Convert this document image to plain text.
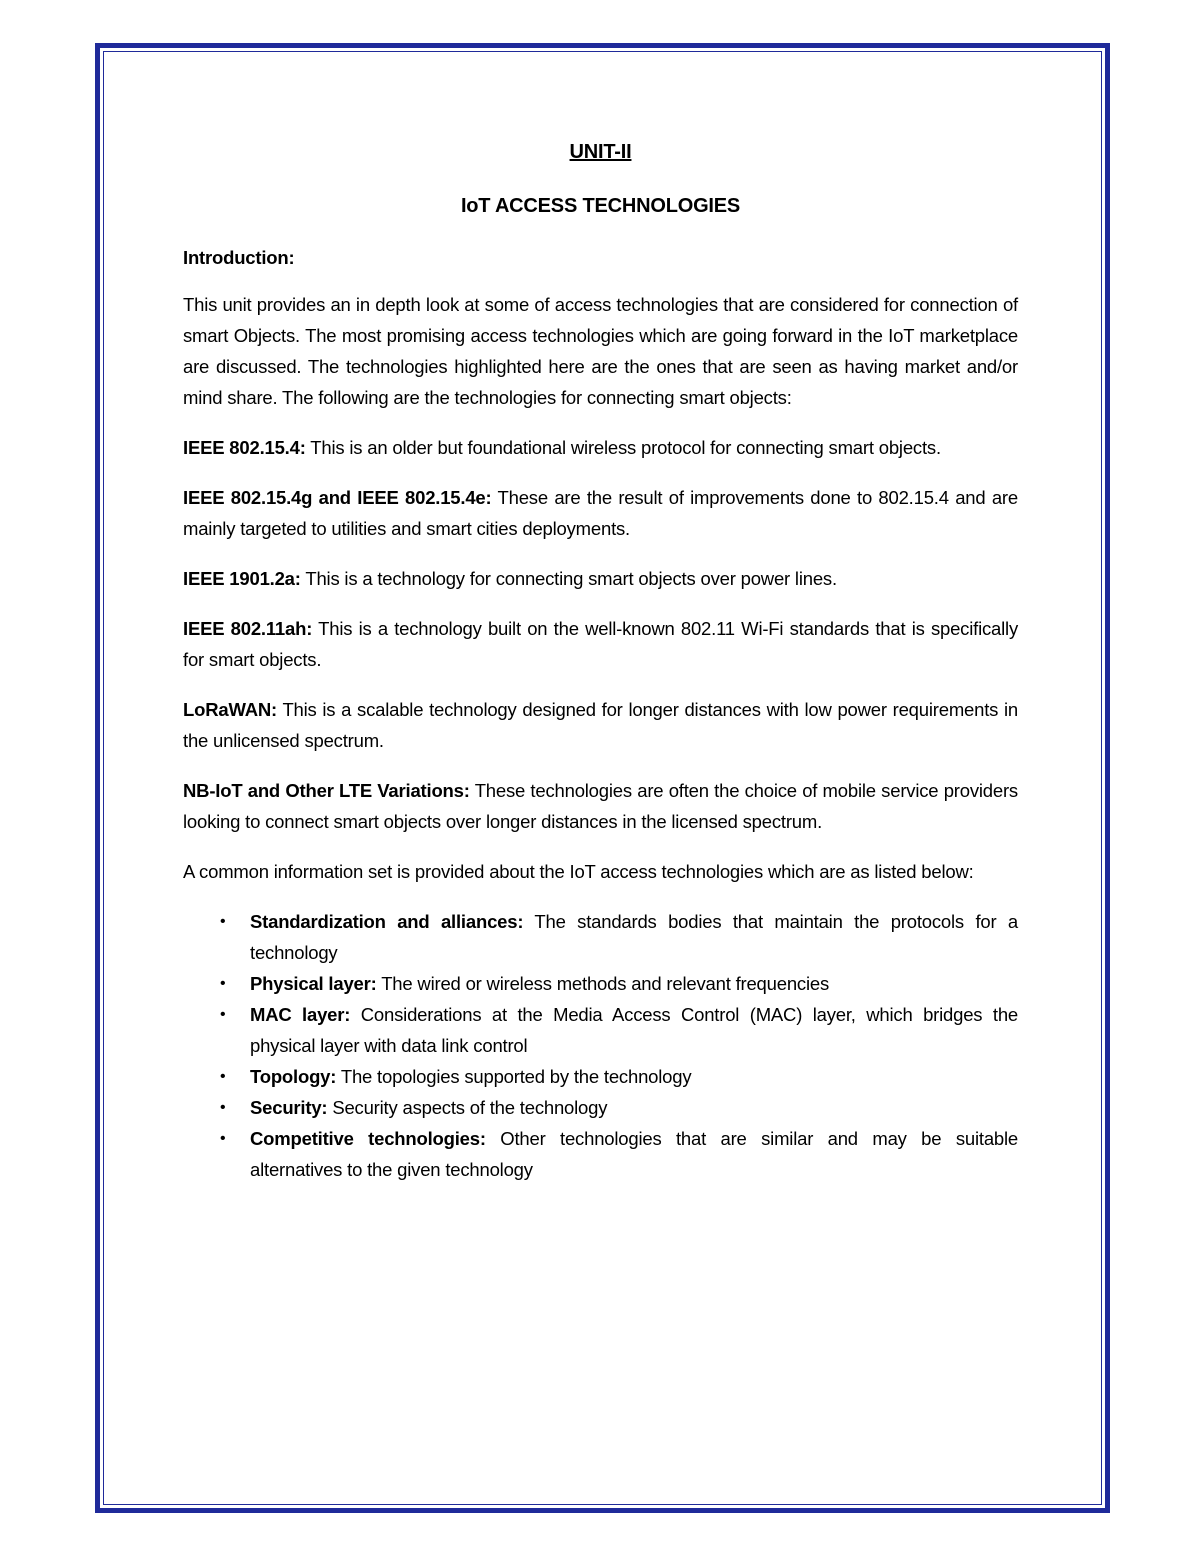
UNIT-II
IoT ACCESS TECHNOLOGIES
Introduction:

This unit provides an in depth look at some of access technologies that are considered for connection of smart Objects. The most promising access technologies which are going forward in the IoT marketplace are discussed. The technologies highlighted here are the ones that are seen as having market and/or mind share. The following are the technologies for connecting smart objects:

IEEE 802.15.4: This is an older but foundational wireless protocol for connecting smart objects.

IEEE 802.15.4g and IEEE 802.15.4e: These are the result of improvements done to 802.15.4 and are mainly targeted to utilities and smart cities deployments.

IEEE 1901.2a: This is a technology for connecting smart objects over power lines.

IEEE 802.11ah: This is a technology built on the well-known 802.11 Wi-Fi standards that is specifically for smart objects.

LoRaWAN: This is a scalable technology designed for longer distances with low power requirements in the unlicensed spectrum.

NB-IoT and Other LTE Variations: These technologies are often the choice of mobile service providers looking to connect smart objects over longer distances in the licensed spectrum.

A common information set is provided about the IoT access technologies which are as listed below:

• Standardization and alliances: The standards bodies that maintain the protocols for a technology
• Physical layer: The wired or wireless methods and relevant frequencies
• MAC layer: Considerations at the Media Access Control (MAC) layer, which bridges the physical layer with data link control
• Topology: The topologies supported by the technology
• Security: Security aspects of the technology
• Competitive technologies: Other technologies that are similar and may be suitable alternatives to the given technology
